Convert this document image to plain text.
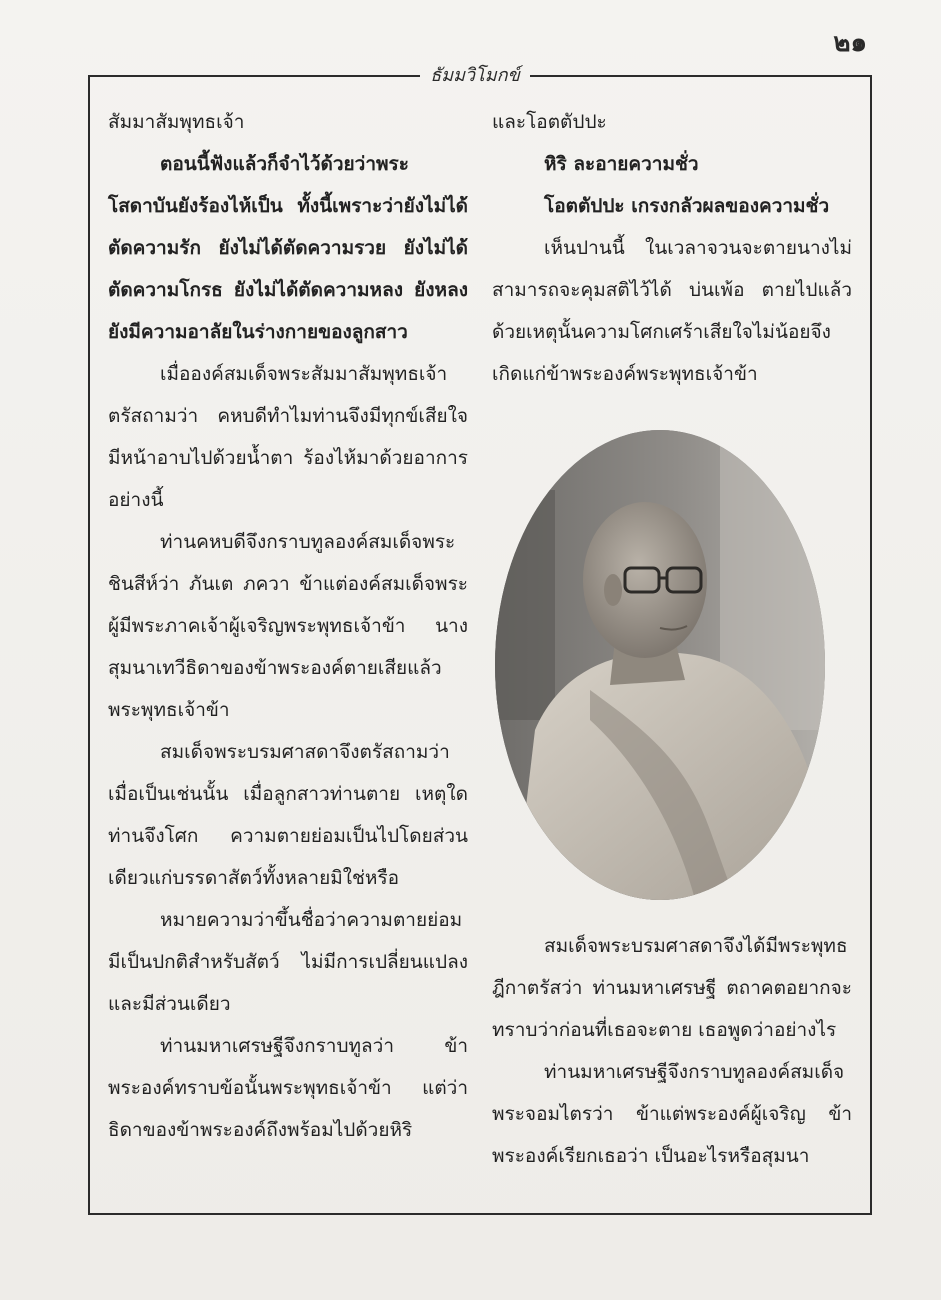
๒๑
ธัมมวิโมกข์

สัมมาสัมพุทธเจ้า

ตอนนี้ฟังแล้วก็จำไว้ด้วยว่าพระโสดาบันยังร้องไห้เป็น ทั้งนี้เพราะว่ายังไม่ได้ตัดความรัก ยังไม่ได้ตัดความรวย ยังไม่ได้ตัดความโกรธ ยังไม่ได้ตัดความหลง ยังหลง ยังมีความอาลัยในร่างกายของลูกสาว

เมื่อองค์สมเด็จพระสัมมาสัมพุทธเจ้าตรัสถามว่า คหบดีทำไมท่านจึงมีทุกข์เสียใจ มีหน้าอาบไปด้วยน้ำตา ร้องไห้มาด้วยอาการอย่างนี้

ท่านคหบดีจึงกราบทูลองค์สมเด็จพระชินสีห์ว่า ภันเต ภควา ข้าแต่องค์สมเด็จพระผู้มีพระภาคเจ้าผู้เจริญพระพุทธเจ้าข้า นางสุมนาเทวีธิดาของข้าพระองค์ตายเสียแล้วพระพุทธเจ้าข้า

สมเด็จพระบรมศาสดาจึงตรัสถามว่า เมื่อเป็นเช่นนั้น เมื่อลูกสาวท่านตาย เหตุใดท่านจึงโศก ความตายย่อมเป็นไปโดยส่วนเดียวแก่บรรดาสัตว์ทั้งหลายมิใช่หรือ

หมายความว่าขึ้นชื่อว่าความตายย่อมมีเป็นปกติสำหรับสัตว์ ไม่มีการเปลี่ยนแปลง และมีส่วนเดียว

ท่านมหาเศรษฐีจึงกราบทูลว่า ข้าพระองค์ทราบข้อนั้นพระพุทธเจ้าข้า แต่ว่าธิดาของข้าพระองค์ถึงพร้อมไปด้วยหิริ

และโอตตัปปะ

หิริ ละอายความชั่ว

โอตตัปปะ เกรงกลัวผลของความชั่ว

เห็นปานนี้ ในเวลาจวนจะตายนางไม่สามารถจะคุมสติไว้ได้ บ่นเพ้อ ตายไปแล้ว ด้วยเหตุนั้นความโศกเศร้าเสียใจไม่น้อยจึงเกิดแก่ข้าพระองค์พระพุทธเจ้าข้า

สมเด็จพระบรมศาสดาจึงได้มีพระพุทธฎีกาตรัสว่า ท่านมหาเศรษฐี ตถาคตอยากจะทราบว่าก่อนที่เธอจะตาย เธอพูดว่าอย่างไร

ท่านมหาเศรษฐีจึงกราบทูลองค์สมเด็จพระจอมไตรว่า ข้าแต่พระองค์ผู้เจริญ ข้าพระองค์เรียกเธอว่า เป็นอะไรหรือสุมนา
